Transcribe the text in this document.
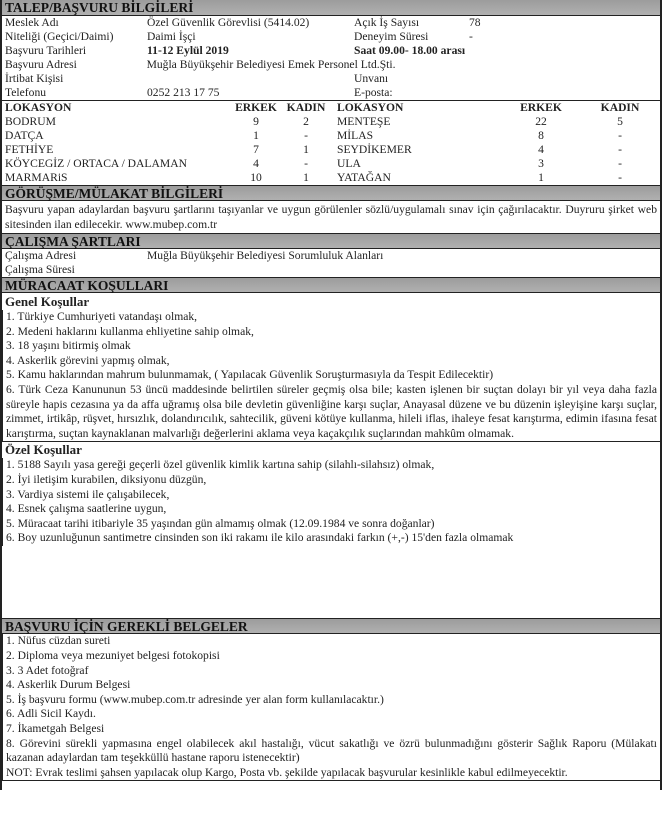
TALEP/BAŞVURU BİLGİLERİ
Meslek Adı	Özel Güvenlik Görevlisi (5414.02)	Açık İş Sayısı	78
Niteliği (Geçici/Daimi)	Daimi İşçi	Deneyim Süresi	-
Başvuru Tarihleri	11-12 Eylül 2019	Saat 09.00- 18.00 arası
Başvuru Adresi	Muğla Büyükşehir Belediyesi Emek Personel Ltd.Şti.
İrtibat Kişisi	Unvanı
Telefonu	0252 213 17 75	E-posta:
LOKASYON	ERKEK KADIN	LOKASYON	ERKEK	KADIN
BODRUM	9	2	MENTEŞE	22	5
DATÇA	1	-	MİLAS	8	-
FETHİYE	7	1	SEYDİKEMER	4	-
KÖYCEGİZ / ORTACA / DALAMAN	4	-	ULA	3	-
MARMARiS	10	1	YATAĞAN	1	-
GÖRÜŞME/MÜLAKAT BİLGİLERİ
Başvuru yapan adaylardan başvuru şartlarını taşıyanlar ve uygun görülenler sözlü/uygulamalı sınav için çağırılacaktır. Duyruru şirket web sitesinden ilan edilecekir. www.mubep.com.tr
ÇALIŞMA ŞARTLARI
Çalışma Adresi	Muğla Büyükşehir Belediyesi Sorumluluk Alanları
Çalışma Süresi
MÜRACAAT KOŞULLARI
Genel Koşullar
1. Türkiye Cumhuriyeti vatandaşı olmak,
2. Medeni haklarını kullanma ehliyetine sahip olmak,
3. 18 yaşını bitirmiş olmak
4. Askerlik görevini yapmış olmak,
5. Kamu haklarından mahrum bulunmamak, ( Yapılacak Güvenlik Soruşturmasıyla da Tespit Edilecektir)
6. Türk Ceza Kanununun 53 üncü maddesinde belirtilen süreler geçmiş olsa bile; kasten işlenen bir suçtan dolayı bir yıl veya daha fazla süreyle hapis cezasına ya da affa uğramış olsa bile devletin güvenliğine karşı suçlar, Anayasal düzene ve bu düzenin işleyişine karşı suçlar, zimmet, irtikâp, rüşvet, hırsızlık, dolandırıcılık, sahtecilik, güveni kötüye kullanma, hileli iflas, ihaleye fesat karıştırma, edimin ifasına fesat karıştırma, suçtan kaynaklanan malvarlığı değerlerini aklama veya kaçakçılık suçlarından mahkûm olmamak.
Özel Koşullar
1. 5188 Sayılı yasa gereği geçerli özel güvenlik kimlik kartına sahip (silahlı-silahsız) olmak,
2. İyi iletişim kurabilen, diksiyonu düzgün,
3. Vardiya sistemi ile çalışabilecek,
4. Esnek çalışma saatlerine uygun,
5. Müracaat tarihi itibariyle 35 yaşından gün almamış olmak (12.09.1984 ve sonra doğanlar)
6. Boy uzunluğunun santimetre cinsinden son iki rakamı ile kilo arasındaki farkın (+,-) 15'den fazla olmamak
BAŞVURU İÇİN GEREKLİ BELGELER
1. Nüfus cüzdan sureti
2. Diploma veya mezuniyet belgesi fotokopisi
3. 3 Adet fotoğraf
4. Askerlik Durum Belgesi
5. İş başvuru formu (www.mubep.com.tr adresinde yer alan form kullanılacaktır.)
6. Adli Sicil Kaydı.
7. İkametgah Belgesi
8. Görevini sürekli yapmasına engel olabilecek akıl hastalığı, vücut sakatlığı ve özrü bulunmadığını gösterir Sağlık Raporu (Mülakatı kazanan adaylardan tam teşekküllü hastane raporu istenecektir)
NOT: Evrak teslimi şahsen yapılacak olup Kargo, Posta vb. şekilde yapılacak başvurular kesinlikle kabul edilmeyecektir.
